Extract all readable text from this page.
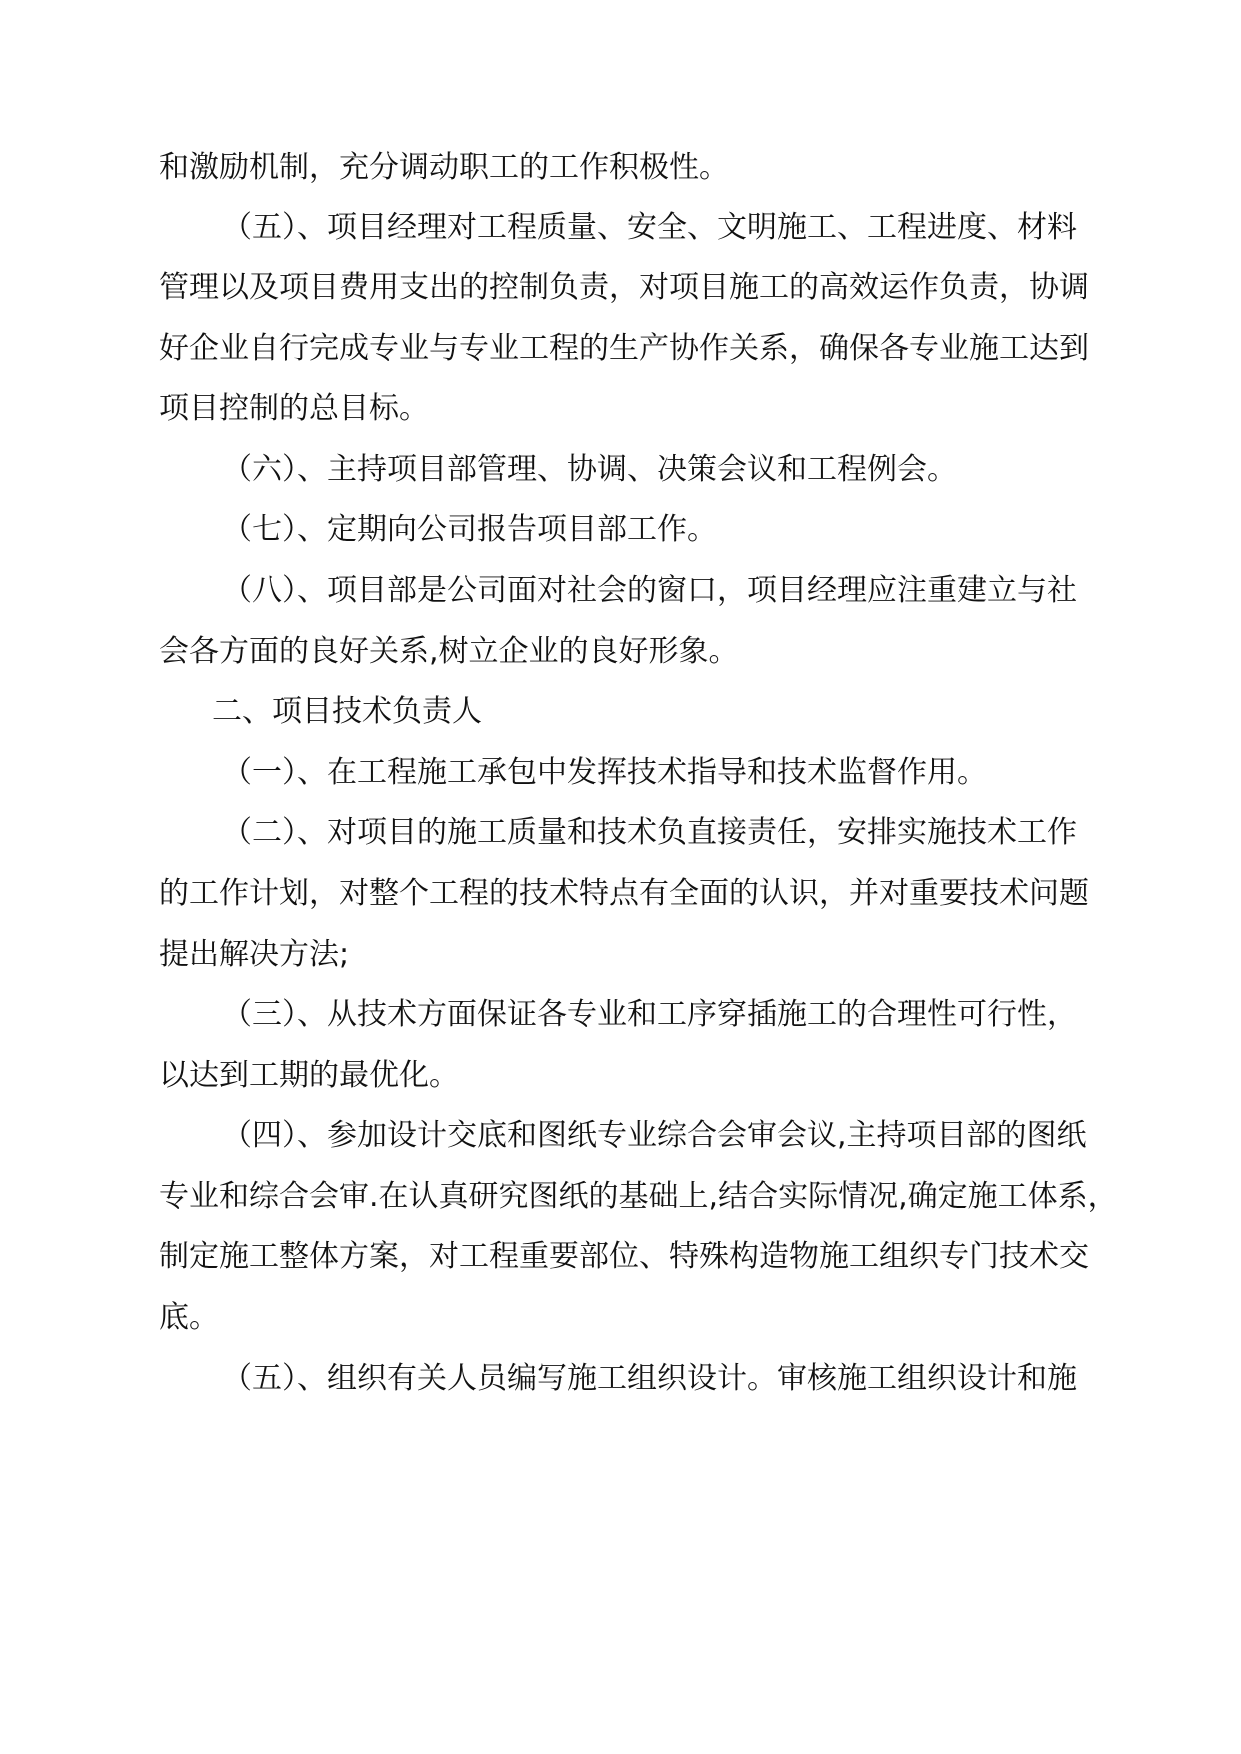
和激励机制，充分调动职工的工作积极性。
（五）、项目经理对工程质量、安全、文明施工、工程进度、材料
管理以及项目费用支出的控制负责，对项目施工的高效运作负责，协调
好企业自行完成专业与专业工程的生产协作关系，确保各专业施工达到
项目控制的总目标。
（六）、主持项目部管理、协调、决策会议和工程例会。
（七）、定期向公司报告项目部工作。
（八）、项目部是公司面对社会的窗口，项目经理应注重建立与社
会各方面的良好关系,树立企业的良好形象。
二、项目技术负责人
（一）、在工程施工承包中发挥技术指导和技术监督作用。
（二）、对项目的施工质量和技术负直接责任，安排实施技术工作
的工作计划，对整个工程的技术特点有全面的认识，并对重要技术问题
提出解决方法;
（三）、从技术方面保证各专业和工序穿插施工的合理性可行性，
以达到工期的最优化。
（四）、参加设计交底和图纸专业综合会审会议,主持项目部的图纸
专业和综合会审.在认真研究图纸的基础上,结合实际情况,确定施工体系，
制定施工整体方案，对工程重要部位、特殊构造物施工组织专门技术交
底。
（五）、组织有关人员编写施工组织设计。审核施工组织设计和施
